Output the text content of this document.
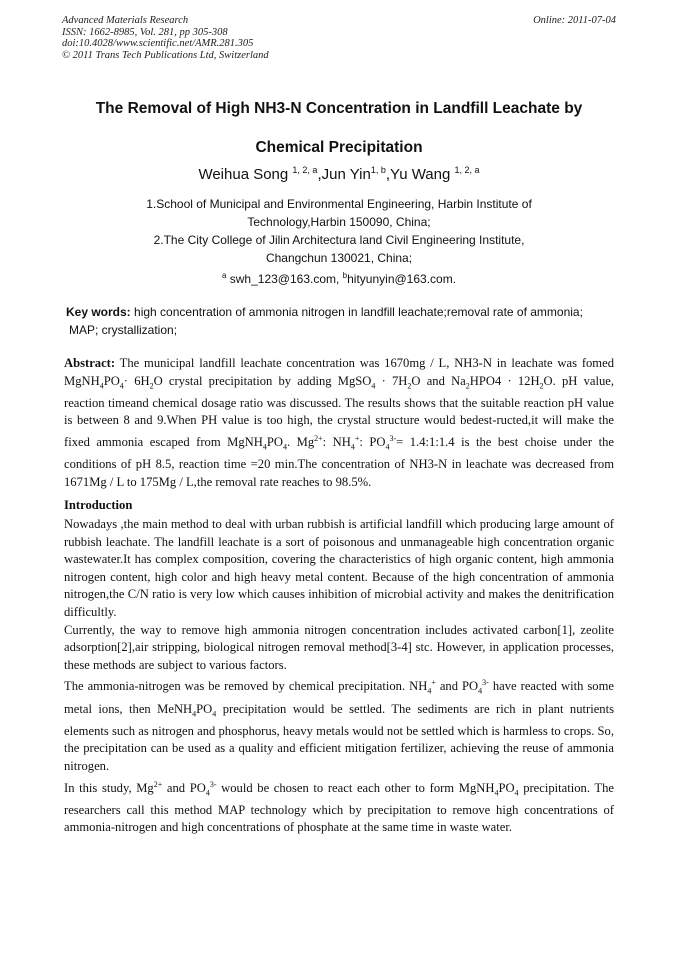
Advanced Materials Research
ISSN: 1662-8985, Vol. 281, pp 305-308
doi:10.4028/www.scientific.net/AMR.281.305
© 2011 Trans Tech Publications Ltd, Switzerland
Online: 2011-07-04
The Removal of High NH3-N Concentration in Landfill Leachate by
Chemical Precipitation
Weihua Song $^{1, 2, a}$,Jun Yin$^{1, b}$,Yu Wang $^{1, 2, a}$
1.School of Municipal and Environmental Engineering, Harbin Institute of
Technology,Harbin 150090, China;
2.The City College of Jilin Architectura land Civil Engineering Institute,
Changchun 130021, China;
$^a$ swh_123@163.com, $^b$hityunyin@163.com.
Key words: high concentration of ammonia nitrogen in landfill leachate;removal rate of ammonia;
MAP; crystallization;

Abstract: The municipal landfill leachate concentration was 1670mg / L, NH3-N in leachate was fomed $MgNH_4PO_4\cdot 6H_2O$ crystal precipitation by adding MgSO$_4$ · $7H_2O$ and $Na_2HPO4 \cdot 12H_2O$. pH value, reaction timeand chemical dosage ratio was discussed. The results shows that the suitable reaction pH value is between 8 and 9.When PH value is too high, the crystal structure would bedest-ructed,it will make the fixed ammonia escaped from $MgNH_4PO_4$. $Mg^{2+}$: $NH_4^+$: $PO_4^{3-}=$ 1.4:1:1.4 is the best choise under the conditions of pH 8.5, reaction time =20 min.The concentration of NH3-N in leachate was decreased from 1671Mg / L to 175Mg / L,the removal rate reaches to 98.5%.

Introduction

Nowadays ,the main method to deal with urban rubbish is artificial landfill which producing large amount of rubbish leachate. The landfill leachate is a sort of poisonous and unmanageable high concentration organic wastewater.It has complex composition, covering the characteristics of high organic content, high ammonia nitrogen content, high color and high heavy metal content. Because of the high concentration of ammonia nitrogen,the C/N ratio is very low which causes inhibition of microbial activity and makes the denitrification difficultly.

Currently, the way to remove high ammonia nitrogen concentration includes activated carbon[1], zeolite adsorption[2],air stripping, biological nitrogen removal method[3-4] stc. However, in application processes, these methods are subject to various factors.

The ammonia-nitrogen was be removed by chemical precipitation. $NH_4^+$ and $PO_4^{3-}$ have reacted with some metal ions, then $MeNH_4PO_4$ precipitation would be settled. The sediments are rich in plant nutrients elements such as nitrogen and phosphorus, heavy metals would not be settled which is harmless to crops. So, the precipitation can be used as a quality and efficient mitigation fertilizer, achieving the reuse of ammonia nitrogen.

In this study, $Mg^{2+}$ and $PO_4^{3-}$ would be chosen to react each other to form $MgNH_4PO_4$ precipitation. The researchers call this method MAP technology which by precipitation to remove high concentrations of ammonia-nitrogen and high concentrations of phosphate at the same time in waste water.
